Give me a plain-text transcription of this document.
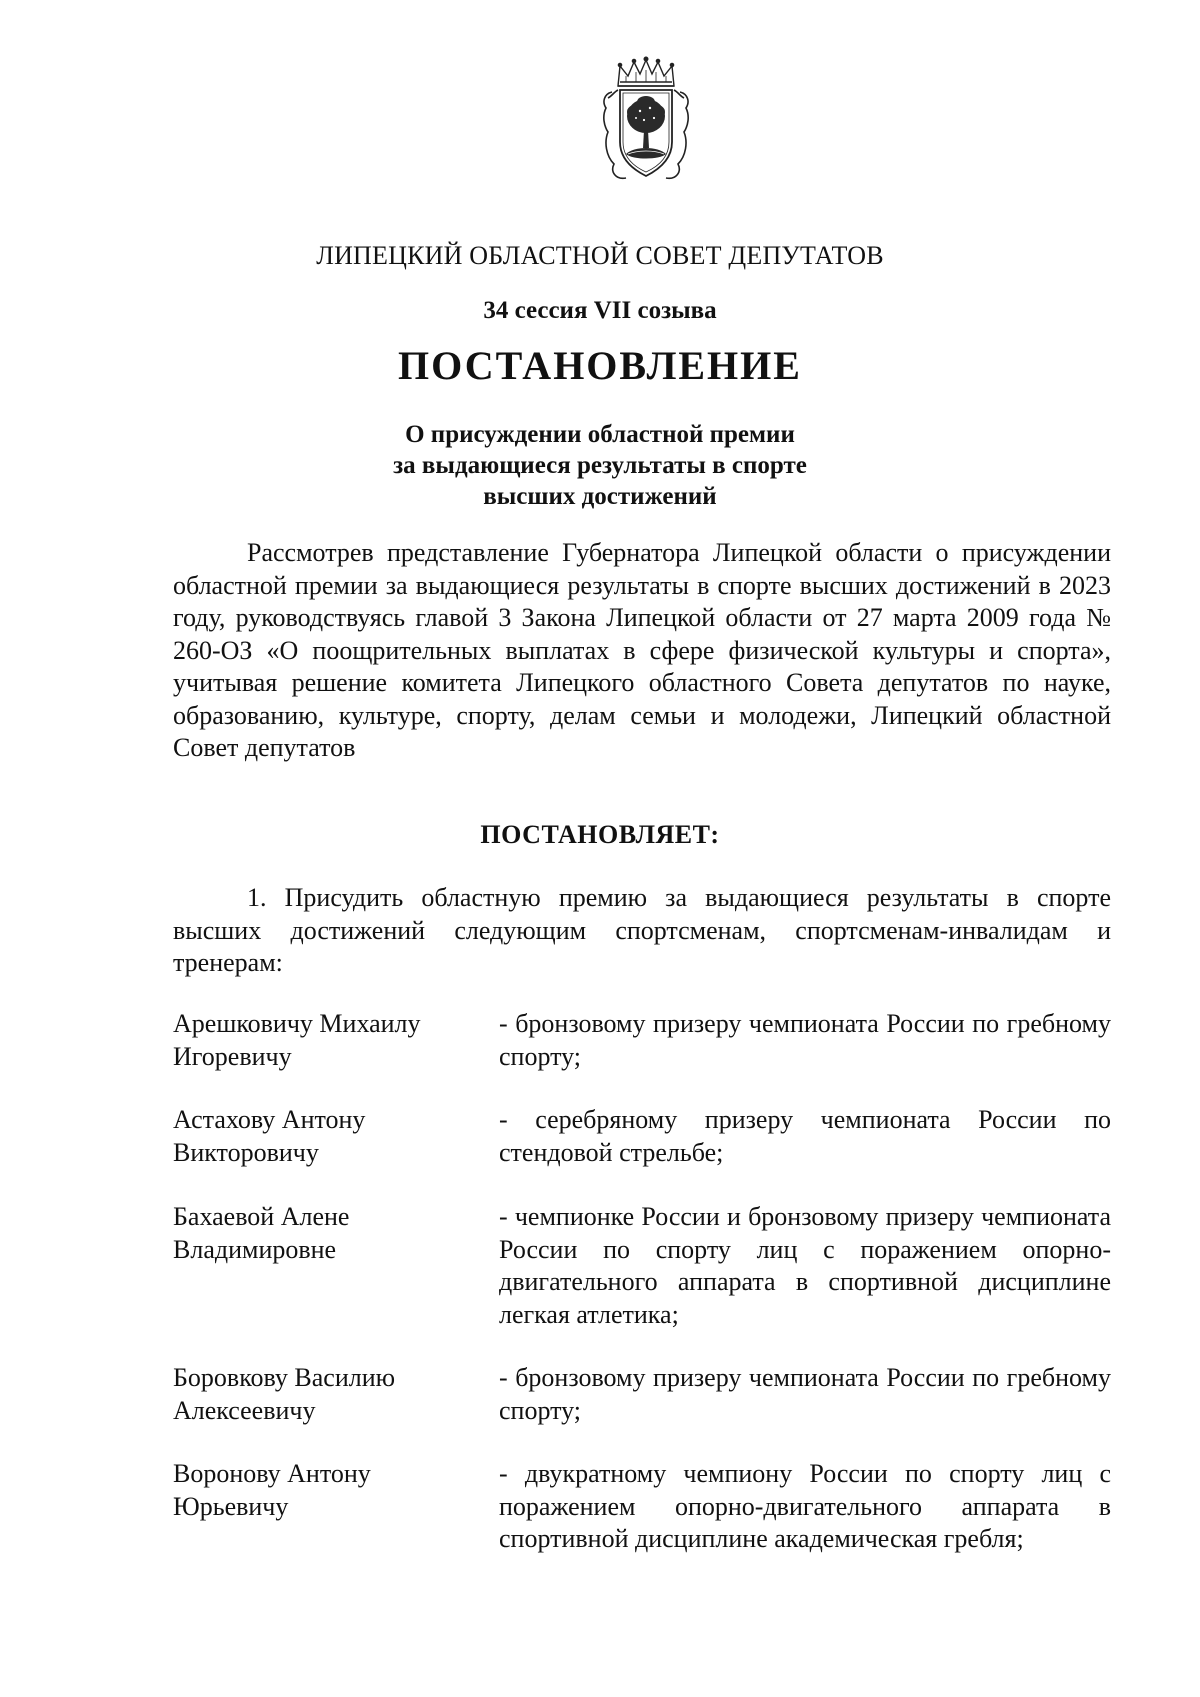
ЛИПЕЦКИЙ ОБЛАСТНОЙ СОВЕТ ДЕПУТАТОВ
34 сессия VII созыва
ПОСТАНОВЛЕНИЕ
О присуждении областной премии
за выдающиеся результаты в спорте
высших достижений

Рассмотрев представление Губернатора Липецкой области о присуждении областной премии за выдающиеся результаты в спорте высших достижений в 2023 году, руководствуясь главой 3 Закона Липецкой области от 27 марта 2009 года № 260-ОЗ «О поощрительных выплатах в сфере физической культуры и спорта», учитывая решение комитета Липецкого областного Совета депутатов по науке, образованию, культуре, спорту, делам семьи и молодежи, Липецкий областной Совет депутатов

ПОСТАНОВЛЯЕТ:

1. Присудить областную премию за выдающиеся результаты в спорте высших достижений следующим спортсменам, спортсменам-инвалидам и тренерам:

Арешковичу Михаилу
Игоревичу

- бронзовому призеру чемпионата России по гребному спорту;

Астахову Антону
Викторовичу

- серебряному призеру чемпионата России по стендовой стрельбе;

Бахаевой Алене
Владимировне

- чемпионке России и бронзовому призеру чемпионата России по спорту лиц с поражением опорно-двигательного аппарата в спортивной дисциплине легкая атлетика;

Боровкову Василию
Алексеевичу

- бронзовому призеру чемпионата России по гребному спорту;

Воронову Антону
Юрьевичу

- двукратному чемпиону России по спорту лиц с поражением опорно-двигательного аппарата в спортивной дисциплине академическая гребля;
